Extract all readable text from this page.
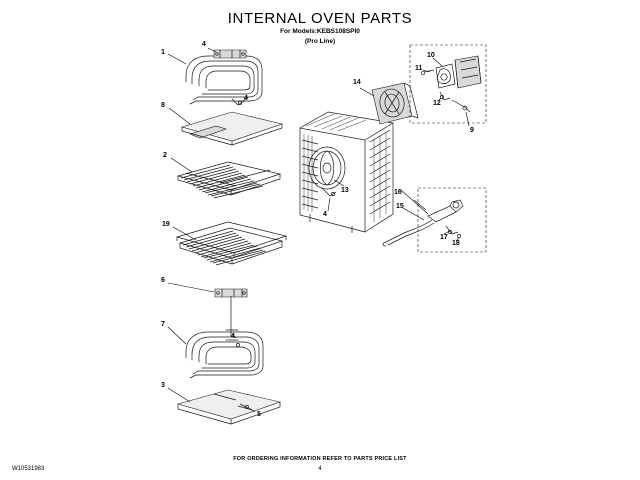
INTERNAL OVEN PARTS
For Models:KEBS108SPI0
(Pro Line)
1
4
4
8
2
19
6
7
4
3
5
14
13
4
10
11
12
9
16
15
17
18
FOR ORDERING INFORMATION REFER TO PARTS PRICE LIST
W10531983	4
